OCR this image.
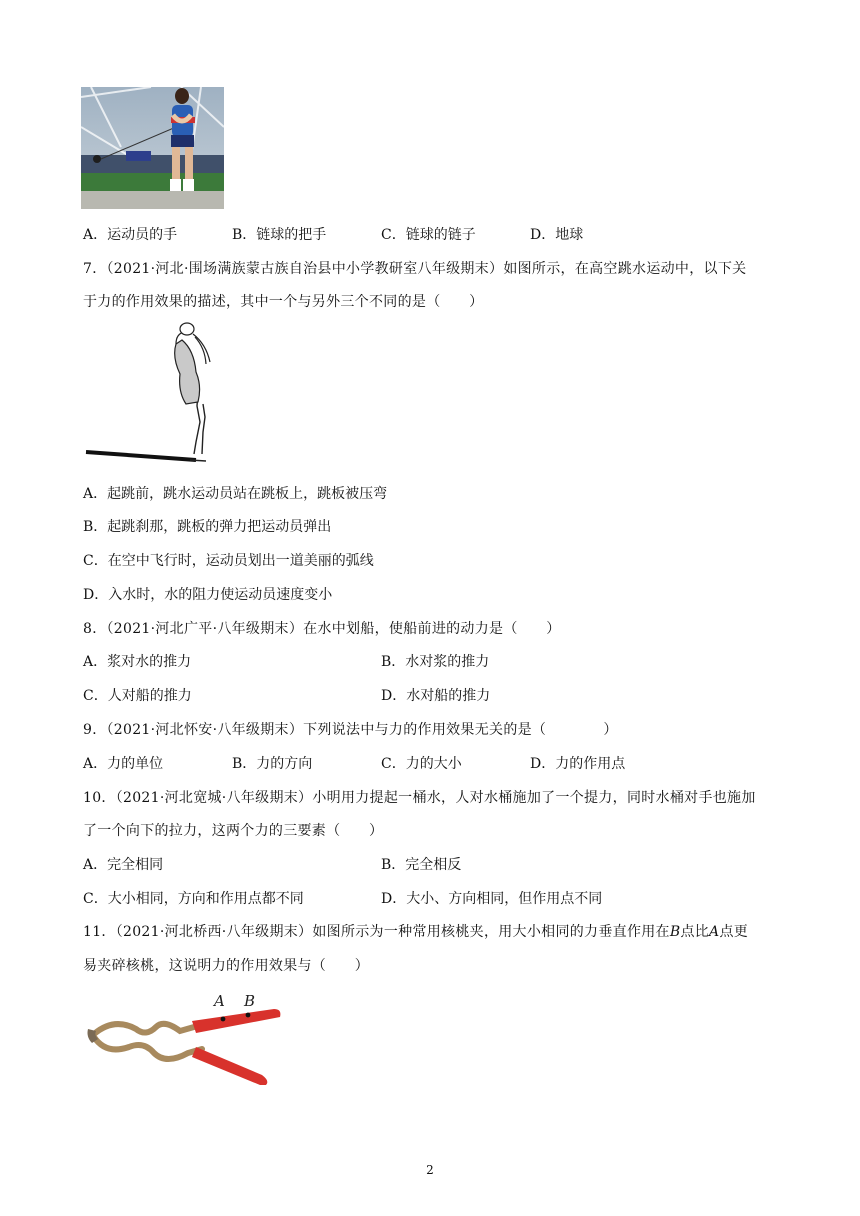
A．运动员的手	B．链球的把手	C．链球的链子	D．地球
7．（2021·河北·围场满族蒙古族自治县中小学教研室八年级期末）如图所示，在高空跳水运动中，以下关
于力的作用效果的描述，其中一个与另外三个不同的是（　　）
A．起跳前，跳水运动员站在跳板上，跳板被压弯
B．起跳刹那，跳板的弹力把运动员弹出
C．在空中飞行时，运动员划出一道美丽的弧线
D．入水时，水的阻力使运动员速度变小
8．（2021·河北广平·八年级期末）在水中划船，使船前进的动力是（　　）
A．浆对水的推力	B．水对浆的推力
C．人对船的推力	D．水对船的推力
9．（2021·河北怀安·八年级期末）下列说法中与力的作用效果无关的是（　　　　）
A．力的单位	B．力的方向	C．力的大小	D．力的作用点
10．（2021·河北宽城·八年级期末）小明用力提起一桶水，人对水桶施加了一个提力，同时水桶对手也施加
了一个向下的拉力，这两个力的三要素（　　）
A．完全相同	B．完全相反
C．大小相同，方向和作用点都不同	D．大小、方向相同，但作用点不同
11．（2021·河北桥西·八年级期末）如图所示为一种常用核桃夹，用大小相同的力垂直作用在B点比A点更
易夹碎核桃，这说明力的作用效果与（　　）
A B
2
